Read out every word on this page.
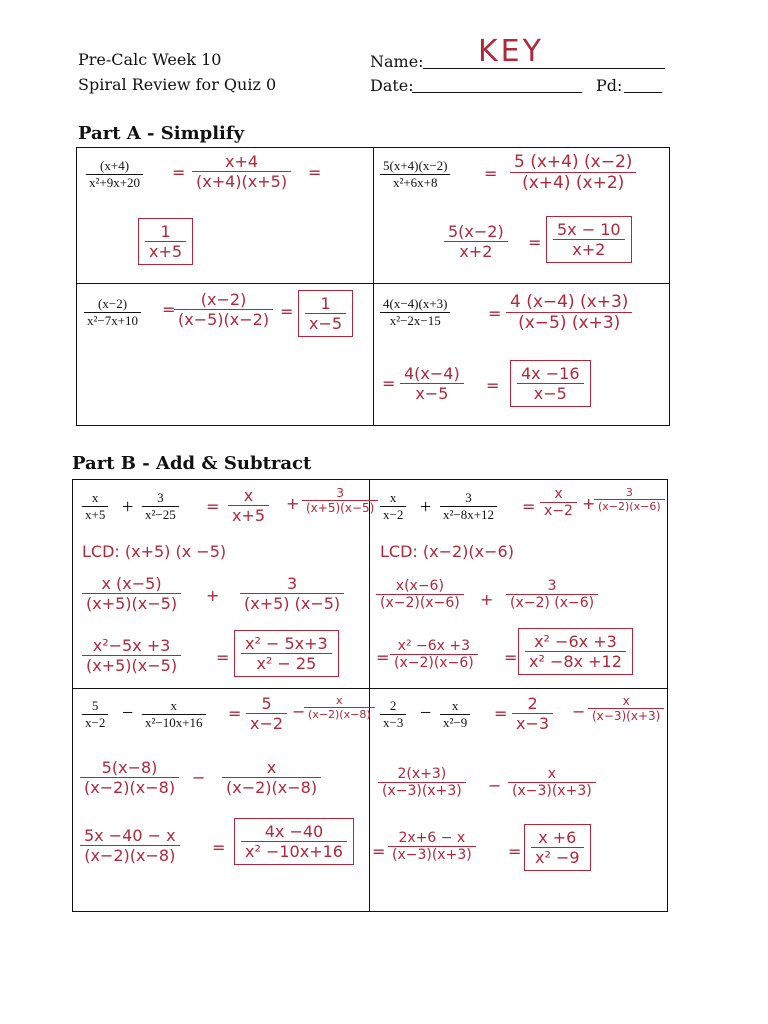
Pre-Calc Week 10
Spiral Review for Quiz 0
Name: KEY
Date:	Pd:
Part A - Simplify
$\frac{(x+4)}{\text{x²+9x+20}} = \frac{x+4}{(x+4)(x+5)}$ =
$\frac{1}{x+5}$
$\frac{5(x+4)(x-2)}{\text{x²+6x+8}} = \frac{5 (x+4) (x-2)}{(x+4) (x+2)}$
$\frac{5(x-2)}{x+2} = \frac{5x - 10}{x+2}$
$\frac{(x-2)}{\text{x²−7x+10}}$ =
$\frac{(x-2)}{(x-5)(x-2)} = \frac{1}{x-5} \frac{4(x-4)(x+3)}{\text{x²−2x−15}} = \frac{4 (x-4) (x+3)}{(x-5) (x+3)}$
= $\frac{4(x-4)}{x-5} = \frac{4x -16}{x-5}$
Part B - Add & Subtract
$\frac{x}{x+5} + \frac{3}{\text{x²−25}} = \frac{x}{x+5} + \frac{3}{(x+5)(x-5)}$
LCD: (x+5) (x −5)
$\frac{x (x-5)}{(x+5)(x-5)} + \frac{3}{(x+5) (x-5)}$
$\frac{\text{x²−5x +3}}{(x+5)(x-5)} = \frac{\text{x² − 5x+3}}{\text{x² − 25}}$
$\frac{x}{x-2} + \frac{3}{\text{x²−8x+12}} = \frac{x}{x-2}$ +
$\frac{3}{(x-2)(x-6)}$
LCD: (x−2)(x−6)
$\frac{x(x-6)}{(x-2)(x-6)} + \frac{3}{(x-2) (x-6)}$
= $\frac{\text{x² −6x +3}}{(x-2)(x-6)} = \frac{\text{x² −6x +3}}{\text{x² −8x +12}}$
$\frac{5}{x-2} - \frac{x}{\text{x²−10x+16}} = \frac{5}{x-2}$ −
$\frac{x}{(x-2)(x-8)}$
$\frac{5(x-8)}{(x-2)(x-8)} - \frac{x}{(x-2)(x-8)}$
$\frac{5x -40 - x}{(x-2)(x-8)} = \frac{4x -40}{\text{x² −10x+16}}$
$\frac{2}{x-3} - \frac{x}{\text{x²−9}} = \frac{2}{x-3} - \frac{x}{(x-3)(x+3)}$
$\frac{2(x+3)}{(x-3)(x+3)} - \frac{x}{(x-3)(x+3)}$
= $\frac{2x+6 - x}{(x-3)(x+3)} = \frac{x +6}{\text{x² −9}}$
